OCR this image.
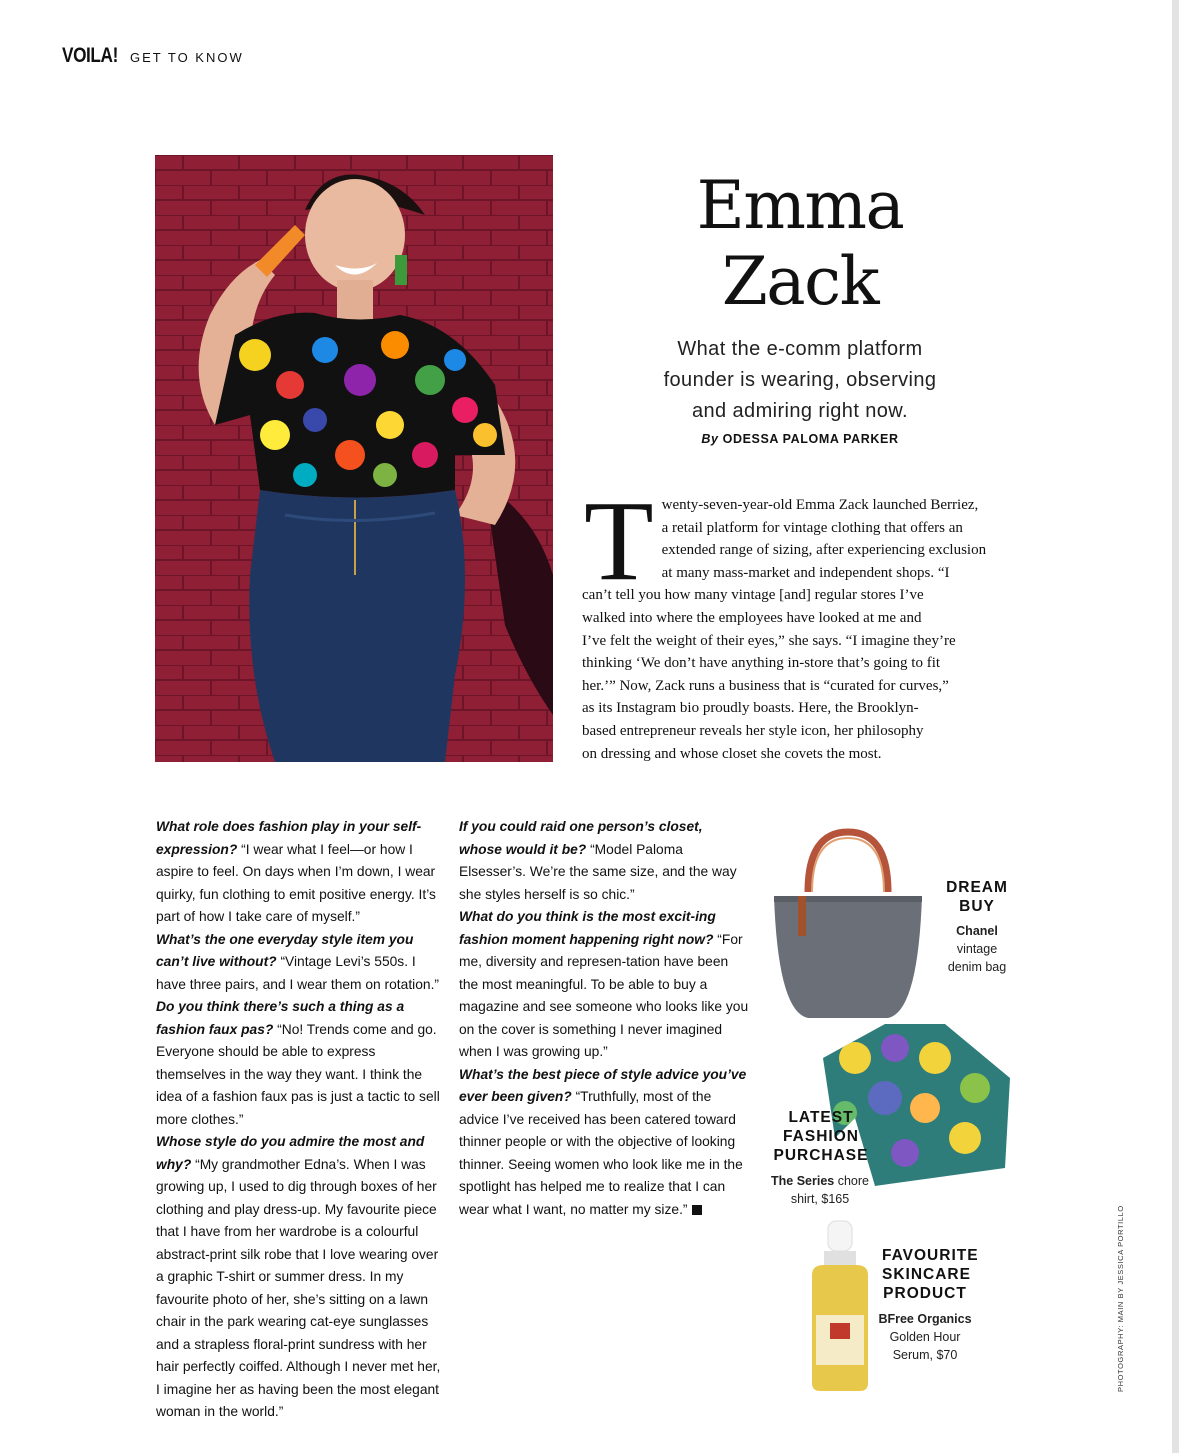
VOILA! GET TO KNOW
Emma
Zack
What the e-comm platform
founder is wearing, observing
and admiring right now.
By ODESSA PALOMA PARKER
T wenty-seven-year-old Emma Zack launched Berriez,
a retail platform for vintage clothing that offers an
extended range of sizing, after experiencing exclusion
at many mass-market and independent shops. “I
can’t tell you how many vintage [and] regular stores I’ve
walked into where the employees have looked at me and
I’ve felt the weight of their eyes,” she says. “I imagine they’re
thinking ‘We don’t have anything in-store that’s going to fit
her.’” Now, Zack runs a business that is “curated for curves,”
as its Instagram bio proudly boasts. Here, the Brooklyn-
based entrepreneur reveals her style icon, her philosophy
on dressing and whose closet she covets the most.
What role does fashion play in your self-expression? “I wear what I feel—or how I aspire to feel. On days when I’m down, I wear quirky, fun clothing to emit positive energy. It’s part of how I take care of myself.”
What’s the one everyday style item you can’t live without? “Vintage Levi’s 550s. I have three pairs, and I wear them on rotation.”
Do you think there’s such a thing as a fashion faux pas? “No! Trends come and go. Everyone should be able to express themselves in the way they want. I think the idea of a fashion faux pas is just a tactic to sell more clothes.”
Whose style do you admire the most and why? “My grandmother Edna’s. When I was growing up, I used to dig through boxes of her clothing and play dress-up. My favourite piece that I have from her wardrobe is a colourful abstract-print silk robe that I love wearing over a graphic T-shirt or summer dress. In my favourite photo of her, she’s sitting on a lawn chair in the park wearing cat-eye sunglasses and a strapless floral-print sundress with her hair perfectly coiffed. Although I never met her, I imagine her as having been the most elegant woman in the world.”
If you could raid one person’s closet, whose would it be? “Model Paloma Elsesser’s. We’re the same size, and the way she styles herself is so chic.”
What do you think is the most excit-ing fashion moment happening right now? “For me, diversity and represen-tation have been the most meaningful. To be able to buy a magazine and see someone who looks like you on the cover is something I never imagined when I was growing up.”
What’s the best piece of style advice you’ve ever been given? “Truthfully, most of the advice I’ve received has been catered toward thinner people or with the objective of looking thinner. Seeing women who look like me in the spotlight has helped me to realize that I can wear what I want, no matter my size.”
DREAM
BUY
Chanel
vintage
denim bag
LATEST
FASHION
PURCHASE
The Series chore
shirt, $165
FAVOURITE
SKINCARE
PRODUCT
BFree Organics
Golden Hour
Serum, $70	PHOTOGRAPHY: MAIN BY JESSICA PORTILLO
